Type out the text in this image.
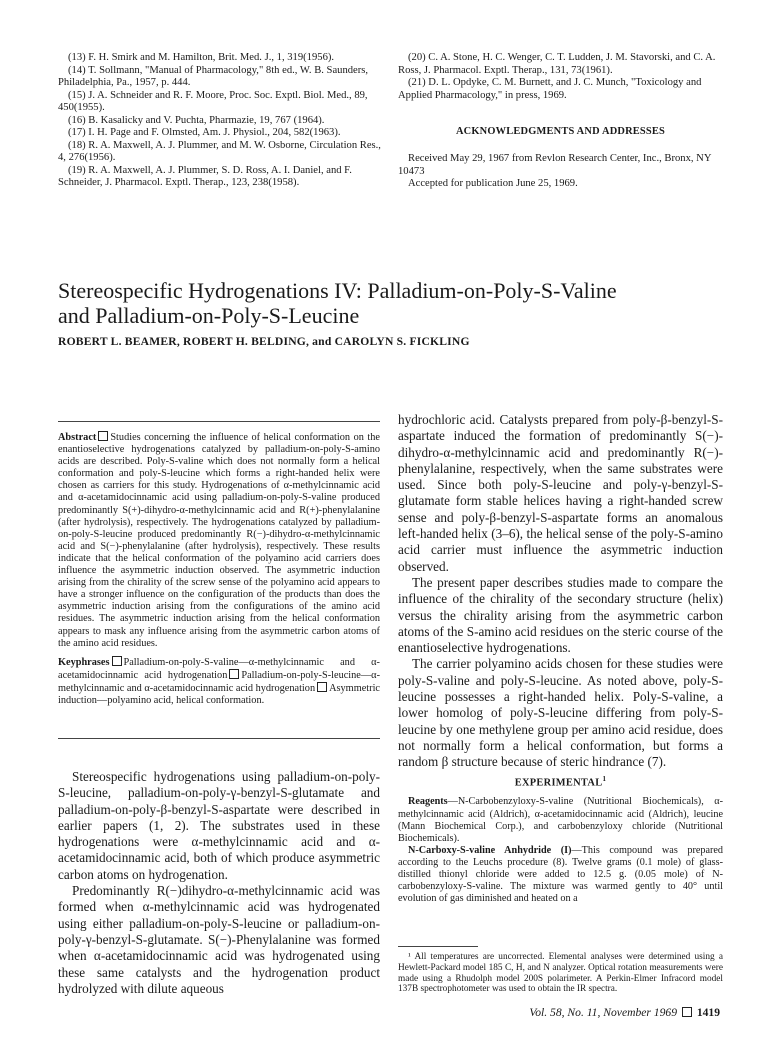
(13) F. H. Smirk and M. Hamilton, Brit. Med. J., 1, 319(1956).

(14) T. Sollmann, "Manual of Pharmacology," 8th ed., W. B. Saunders, Philadelphia, Pa., 1957, p. 444.

(15) J. A. Schneider and R. F. Moore, Proc. Soc. Exptl. Biol. Med., 89, 450(1955).

(16) B. Kasalicky and V. Puchta, Pharmazie, 19, 767 (1964).

(17) I. H. Page and F. Olmsted, Am. J. Physiol., 204, 582(1963).

(18) R. A. Maxwell, A. J. Plummer, and M. W. Osborne, Circulation Res., 4, 276(1956).

(19) R. A. Maxwell, A. J. Plummer, S. D. Ross, A. I. Daniel, and F. Schneider, J. Pharmacol. Exptl. Therap., 123, 238(1958).

(20) C. A. Stone, H. C. Wenger, C. T. Ludden, J. M. Stavorski, and C. A. Ross, J. Pharmacol. Exptl. Therap., 131, 73(1961).

(21) D. L. Opdyke, C. M. Burnett, and J. C. Munch, "Toxicology and Applied Pharmacology," in press, 1969.

ACKNOWLEDGMENTS AND ADDRESSES

Received May 29, 1967 from Revlon Research Center, Inc., Bronx, NY 10473

Accepted for publication June 25, 1969.

Stereospecific Hydrogenations IV: Palladium-on-Poly-S-Valine
and Palladium-on-Poly-S-Leucine
ROBERT L. BEAMER, ROBERT H. BELDING, and CAROLYN S. FICKLING

Abstract Studies concerning the influence of helical conformation on the enantioselective hydrogenations catalyzed by palladium-on-poly-S-amino acids are described. Poly-S-valine which does not normally form a helical conformation and poly-S-leucine which forms a right-handed helix were chosen as carriers for this study. Hydrogenations of α-methylcinnamic acid and α-acetamidocinnamic acid using palladium-on-poly-S-valine produced predominantly S(+)-dihydro-α-methylcinnamic acid and R(+)-phenylalanine (after hydrolysis), respectively. The hydrogenations catalyzed by palladium-on-poly-S-leucine produced predominantly R(−)-dihydro-α-methylcinnamic acid and S(−)-phenylalanine (after hydrolysis), respectively. These results indicate that the helical conformation of the polyamino acid carriers does influence the asymmetric induction observed. The asymmetric induction arising from the chirality of the screw sense of the polyamino acid appears to have a stronger influence on the configuration of the products than does the asymmetric induction arising from the configurations of the amino acid residues. The asymmetric induction arising from the helical conformation appears to mask any influence arising from the asymmetric carbon atoms of the amino acid residues.

Keyphrases Palladium-on-poly-S-valine—α-methylcinnamic and α-acetamidocinnamic acid hydrogenation Palladium-on-poly-S-leucine—α-methylcinnamic and α-acetamidocinnamic acid hydrogenation Asymmetric induction—polyamino acid, helical conformation.

Stereospecific hydrogenations using palladium-on-poly-S-leucine, palladium-on-poly-γ-benzyl-S-glutamate and palladium-on-poly-β-benzyl-S-aspartate were described in earlier papers (1, 2). The substrates used in these hydrogenations were α-methylcinnamic acid and α-acetamidocinnamic acid, both of which produce asymmetric carbon atoms on hydrogenation.

Predominantly R(−)dihydro-α-methylcinnamic acid was formed when α-methylcinnamic acid was hydrogenated using either palladium-on-poly-S-leucine or palladium-on-poly-γ-benzyl-S-glutamate. S(−)-Phenylalanine was formed when α-acetamidocinnamic acid was hydrogenated using these same catalysts and the hydrogenation product hydrolyzed with dilute aqueous

hydrochloric acid. Catalysts prepared from poly-β-benzyl-S-aspartate induced the formation of predominantly S(−)-dihydro-α-methylcinnamic acid and predominantly R(−)-phenylalanine, respectively, when the same substrates were used. Since both poly-S-leucine and poly-γ-benzyl-S-glutamate form stable helices having a right-handed screw sense and poly-β-benzyl-S-aspartate forms an anomalous left-handed helix (3–6), the helical sense of the poly-S-amino acid carrier must influence the asymmetric induction observed.

The present paper describes studies made to compare the influence of the chirality of the secondary structure (helix) versus the chirality arising from the asymmetric carbon atoms of the S-amino acid residues on the steric course of the enantioselective hydrogenations.

The carrier polyamino acids chosen for these studies were poly-S-valine and poly-S-leucine. As noted above, poly-S-leucine possesses a right-handed helix. Poly-S-valine, a lower homolog of poly-S-leucine differing from poly-S-leucine by one methylene group per amino acid residue, does not normally form a helical conformation, but forms a random β structure because of steric hindrance (7).

EXPERIMENTAL$^1$

Reagents—N-Carbobenzyloxy-S-valine (Nutritional Biochemicals), α-methylcinnamic acid (Aldrich), α-acetamidocinnamic acid (Aldrich), leucine (Mann Biochemical Corp.), and carbobenzyloxy chloride (Nutritional Biochemicals).

N-Carboxy-S-valine Anhydride (I)—This compound was prepared according to the Leuchs procedure (8). Twelve grams (0.1 mole) of glass-distilled thionyl chloride were added to 12.5 g. (0.05 mole) of N-carbobenzyloxy-S-valine. The mixture was warmed gently to 40° until evolution of gas diminished and heated on a

¹ All temperatures are uncorrected. Elemental analyses were determined using a Hewlett-Packard model 185 C, H, and N analyzer. Optical rotation measurements were made using a Rhudolph model 200S polarimeter. A Perkin-Elmer Infracord model 137B spectrophotometer was used to obtain the IR spectra.

Vol. 58, No. 11, November 1969 1419
